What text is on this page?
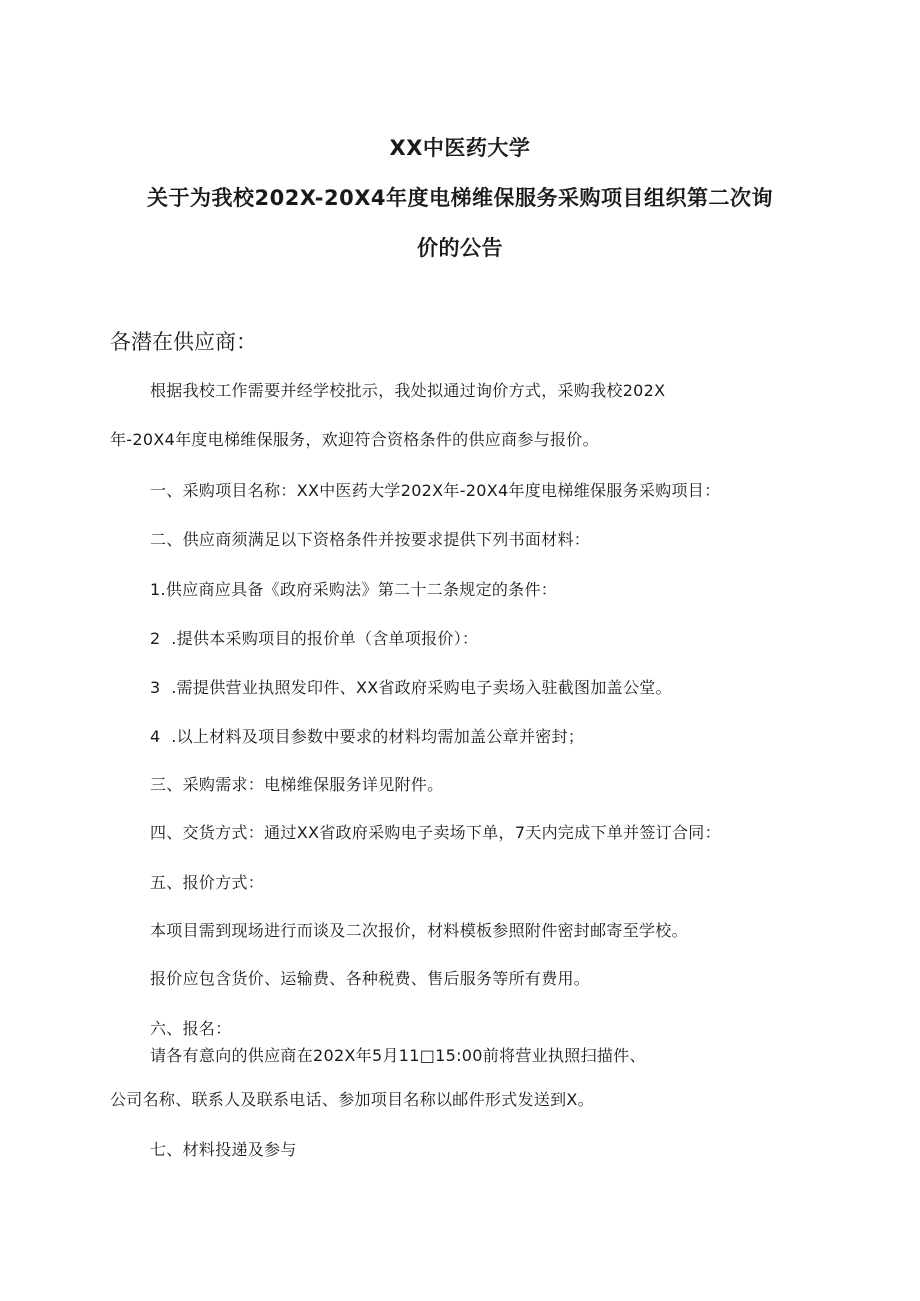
XX中医药大学
关于为我校202X-20X4年度电梯维保服务采购项目组织第二次询
价的公告
各潜在供应商：
根据我校工作需要并经学校批示，我处拟通过询价方式，采购我校202X
年-20X4年度电梯维保服务，欢迎符合资格条件的供应商参与报价。
一、采购项目名称：XX中医药大学202X年-20X4年度电梯维保服务采购项目：
二、供应商须满足以下资格条件并按要求提供下列书面材料：
1.供应商应具备《政府采购法》第二十二条规定的条件：
2  .提供本采购项目的报价单（含单项报价）：
3  .需提供营业执照发印件、XX省政府采购电子卖场入驻截图加盖公堂。
4  .以上材料及项目参数中要求的材料均需加盖公章并密封；
三、采购需求：电梯维保服务详见附件。
四、交货方式：通过XX省政府采购电子卖场下单，7天内完成下单并签订合同：
五、报价方式：
本项目需到现场进行而谈及二次报价，材料模板参照附件密封邮寄至学校。
报价应包含货价、运输费、各种税费、售后服务等所有费用。
六、报名：
请各有意向的供应商在202X年5月11□15:00前将营业执照扫描件、
公司名称、联系人及联系电话、参加项目名称以邮件形式发送到X。
七、材料投递及参与
